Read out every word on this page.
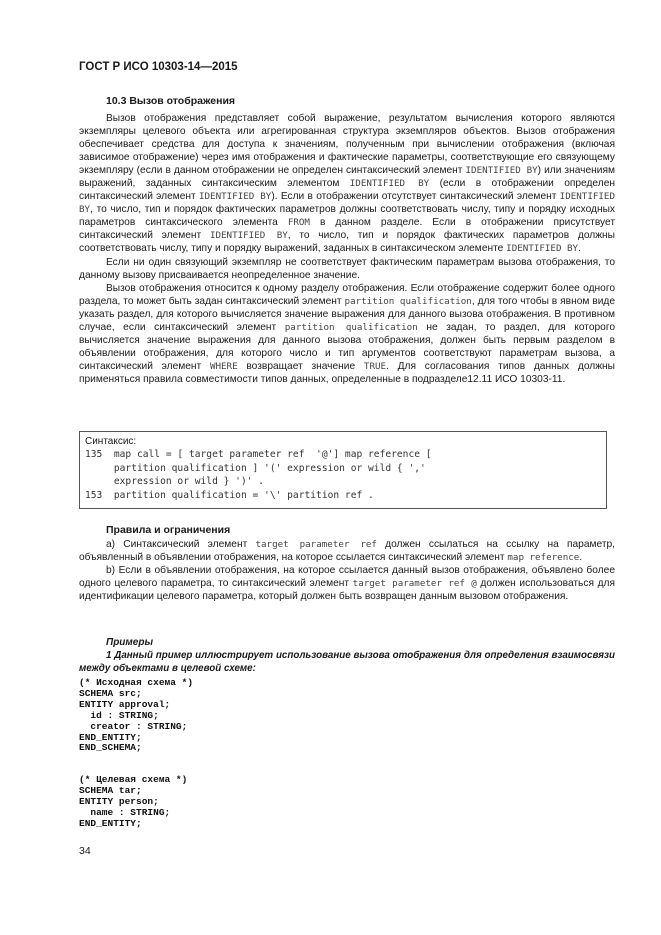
ГОСТ Р ИСО 10303-14—2015
10.3 Вызов отображения

Вызов отображения представляет собой выражение, результатом вычисления которого являются экземпляры целевого объекта или агрегированная структура экземпляров объектов. Вызов отображения обеспечивает средства для доступа к значениям, полученным при вычислении отображения (включая зависимое отображение) через имя отображения и фактические параметры, соответствующие его связующему экземпляру (если в данном отображении не определен синтаксический элемент IDENTIFIED BY) или значениям выражений, заданных синтаксическим элементом IDENTIFIED BY (если в отображении определен синтаксический элемент IDENTIFIED BY). Если в отображении отсутствует синтаксический элемент IDENTIFIED BY, то число, тип и порядок фактических параметров должны соответствовать числу, типу и порядку исходных параметров синтаксического элемента FROM в данном разделе. Если в отображении присутствует синтаксический элемент IDENTIFIED BY, то число, тип и порядок фактических параметров должны соответствовать числу, типу и порядку выражений, заданных в синтаксическом элементе IDENTIFIED BY.

Если ни один связующий экземпляр не соответствует фактическим параметрам вызова отображения, то данному вызову присваивается неопределенное значение.

Вызов отображения относится к одному разделу отображения. Если отображение содержит более одного раздела, то может быть задан синтаксический элемент partition qualification, для того чтобы в явном виде указать раздел, для которого вычисляется значение выражения для данного вызова отображения. В противном случае, если синтаксический элемент partition qualification не задан, то раздел, для которого вычисляется значение выражения для данного вызова отображения, должен быть первым разделом в объявлении отображения, для которого число и тип аргументов соответствуют параметрам вызова, а синтаксический элемент WHERE возвращает значение TRUE. Для согласования типов данных должны применяться правила совместимости типов данных, определенные в подразделе12.11 ИСО 10303-11.

Синтаксис:
135  map call = [ target parameter ref  '@'] map reference [
partition qualification ] '(' expression or wild { ','
expression or wild } ')' .
153  partition qualification = '\' partition ref .
Правила и ограничения

а) Синтаксический элемент target parameter ref должен ссылаться на ссылку на параметр, объявленный в объявлении отображения, на которое ссылается синтаксический элемент map reference.

b) Если в объявлении отображения, на которое ссылается данный вызов отображения, объявлено более одного целевого параметра, то синтаксический элемент target parameter ref @ должен использоваться для идентификации целевого параметра, который должен быть возвращен данным вызовом отображения.

Примеры
1 Данный пример иллюстрирует использование вызова отображения для определения взаимосвязи между объектами в целевой схеме:
(* Исходная схема *)
SCHEMA src;
ENTITY approval;
id : STRING;
creator : STRING;
END_ENTITY;
END_SCHEMA;
(* Целевая схема *)
SCHEMA tar;
ENTITY person;
name : STRING;
END_ENTITY;
34
